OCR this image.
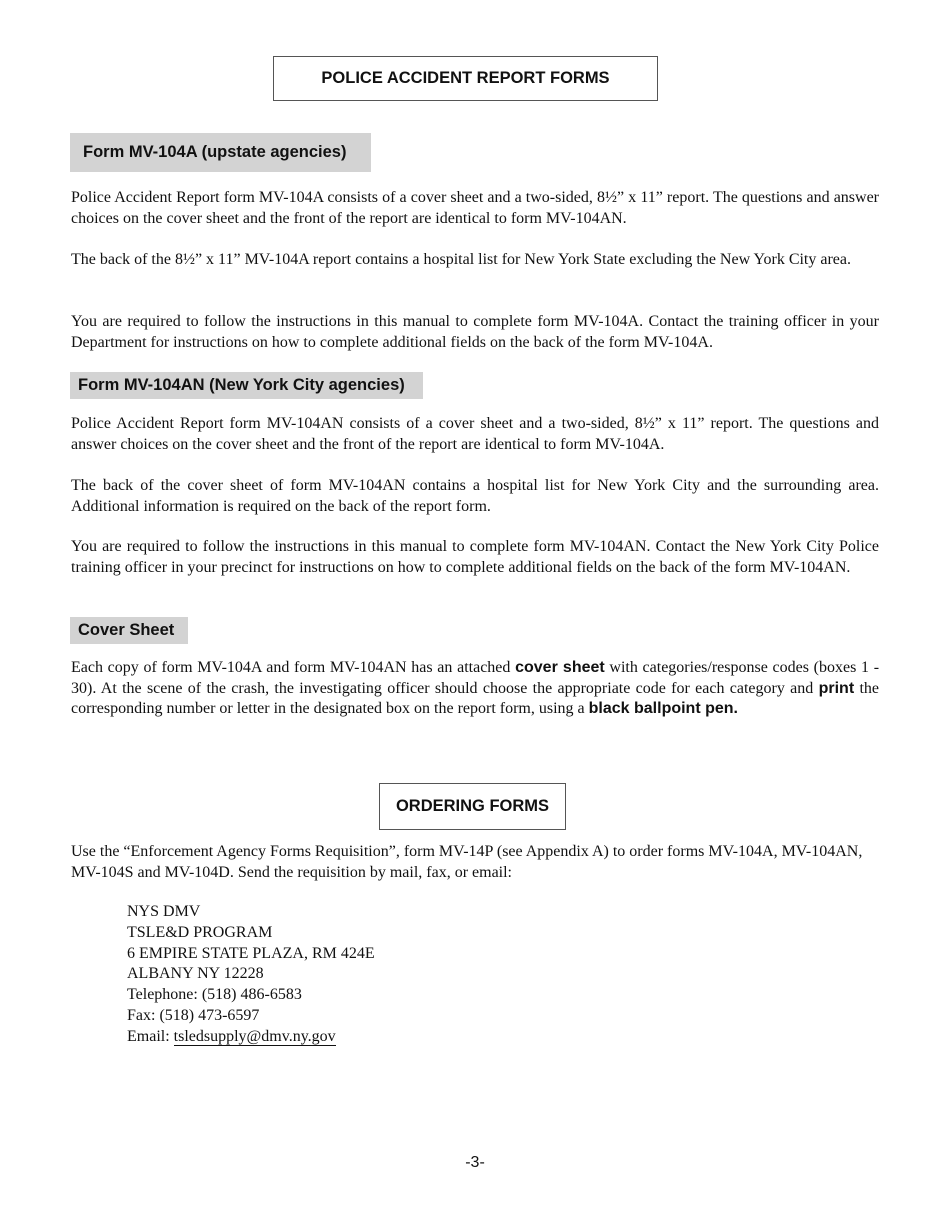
POLICE ACCIDENT REPORT FORMS
Form MV-104A (upstate agencies)

Police Accident Report form MV-104A consists of a cover sheet and a two-sided, 8½” x 11” report. The questions and answer choices on the cover sheet and the front of the report are identical to form MV-104AN.

The back of the 8½” x 11” MV-104A report contains a hospital list for New York State excluding the New York City area.

You are required to follow the instructions in this manual to complete form MV-104A. Contact the training officer in your Department for instructions on how to complete additional fields on the back of the form MV-104A.

Form MV-104AN (New York City agencies)

Police Accident Report form MV-104AN consists of a cover sheet and a two-sided, 8½” x 11” report. The questions and answer choices on the cover sheet and the front of the report are identical to form MV-104A.

The back of the cover sheet of form MV-104AN contains a hospital list for New York City and the surrounding area. Additional information is required on the back of the report form.

You are required to follow the instructions in this manual to complete form MV-104AN. Contact the New York City Police training officer in your precinct for instructions on how to complete additional fields on the back of the form MV-104AN.

Cover Sheet

Each copy of form MV-104A and form MV-104AN has an attached cover sheet with categories/response codes (boxes 1 - 30). At the scene of the crash, the investigating officer should choose the appropriate code for each category and print the corresponding number or letter in the designated box on the report form, using a black ballpoint pen.

ORDERING FORMS

Use the “Enforcement Agency Forms Requisition”, form MV-14P (see Appendix A) to order forms MV-104A, MV-104AN, MV-104S and MV-104D. Send the requisition by mail, fax, or email:

NYS DMV
TSLE&D PROGRAM
6 EMPIRE STATE PLAZA, RM 424E
ALBANY NY 12228
Telephone: (518) 486-6583
Fax: (518) 473-6597
Email: tsledsupply@dmv.ny.gov
-3-
